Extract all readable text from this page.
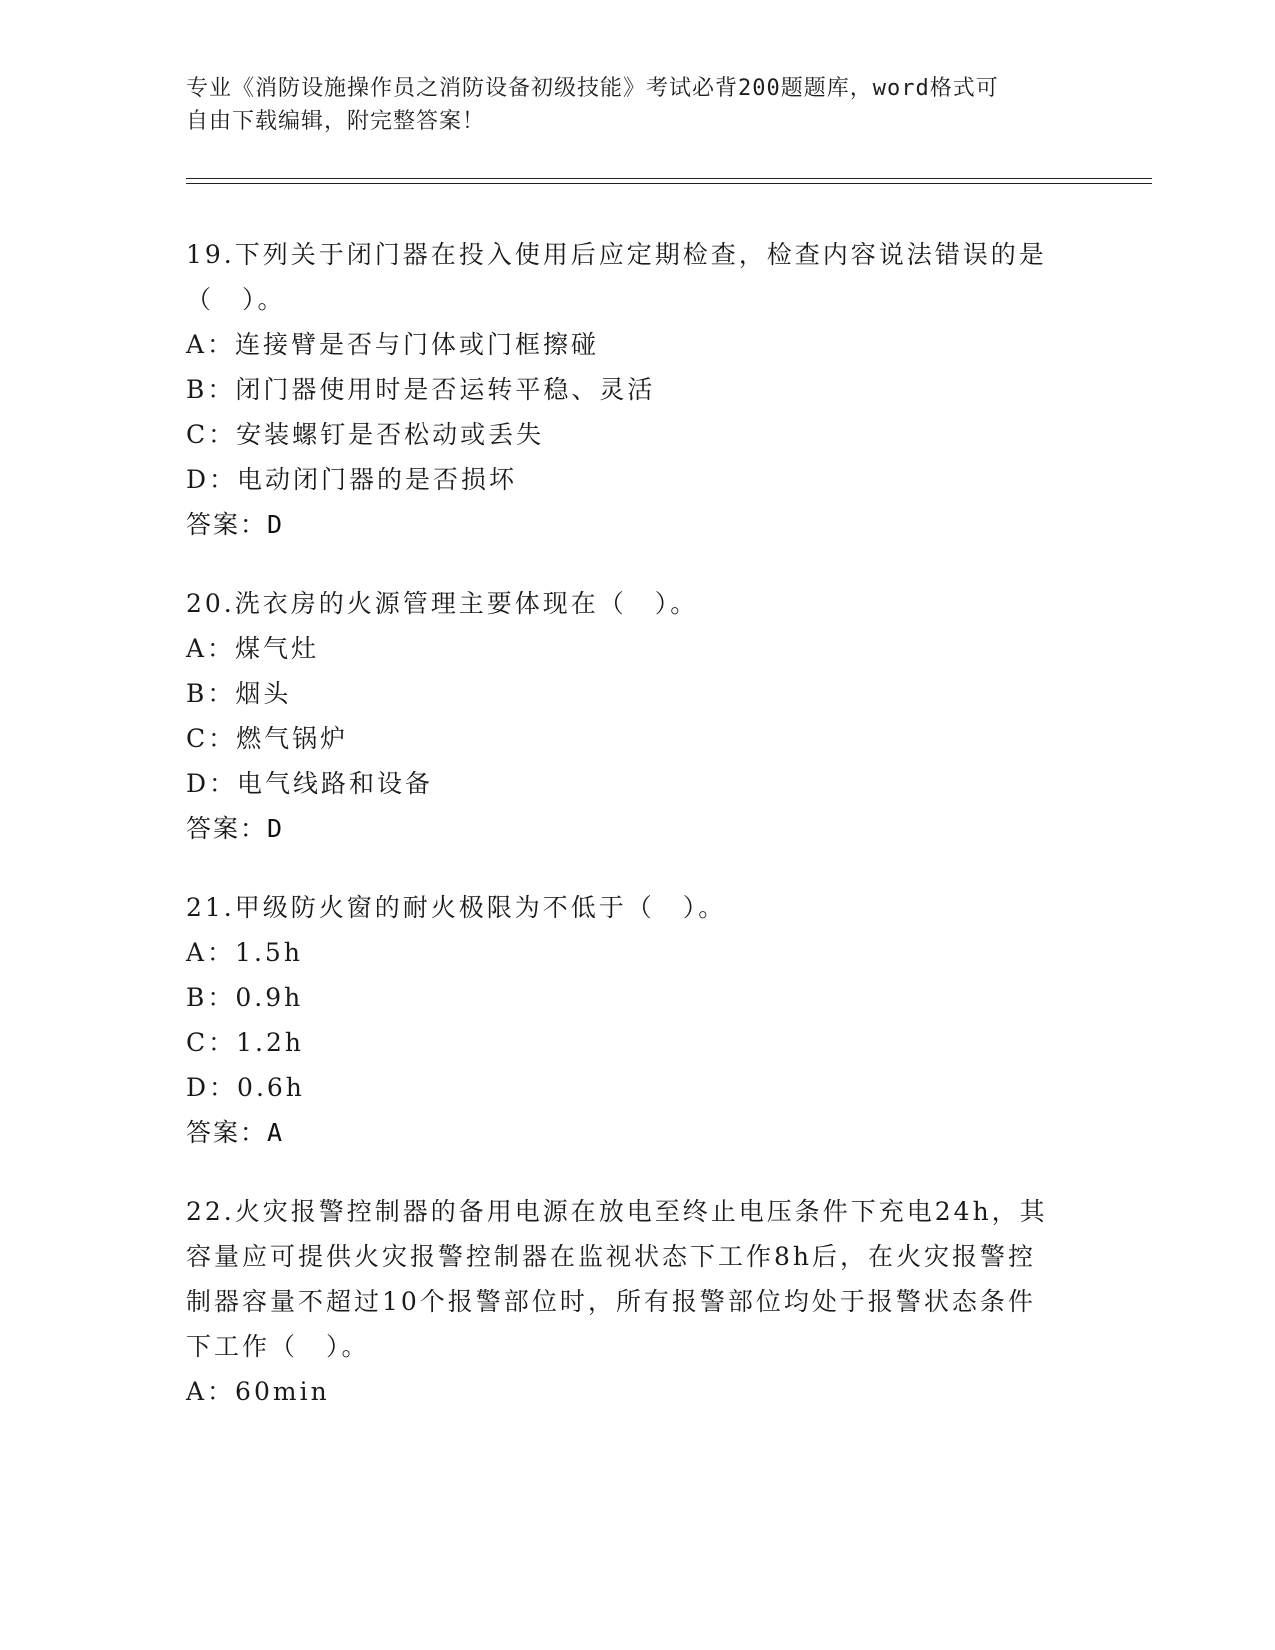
专业《消防设施操作员之消防设备初级技能》考试必背200题题库，word格式可
自由下载编辑，附完整答案！
19.下列关于闭门器在投入使用后应定期检查，检查内容说法错误的是
（　）。
A：连接臂是否与门体或门框擦碰
B：闭门器使用时是否运转平稳、灵活
C：安装螺钉是否松动或丢失
D：电动闭门器的是否损坏
答案：D
20.洗衣房的火源管理主要体现在（　）。
A：煤气灶
B：烟头
C：燃气锅炉
D：电气线路和设备
答案：D
21.甲级防火窗的耐火极限为不低于（　）。
A：1.5h
B：0.9h
C：1.2h
D：0.6h
答案：A
22.火灾报警控制器的备用电源在放电至终止电压条件下充电24h，其
容量应可提供火灾报警控制器在监视状态下工作8h后，在火灾报警控
制器容量不超过10个报警部位时，所有报警部位均处于报警状态条件
下工作（　）。
A：60min
